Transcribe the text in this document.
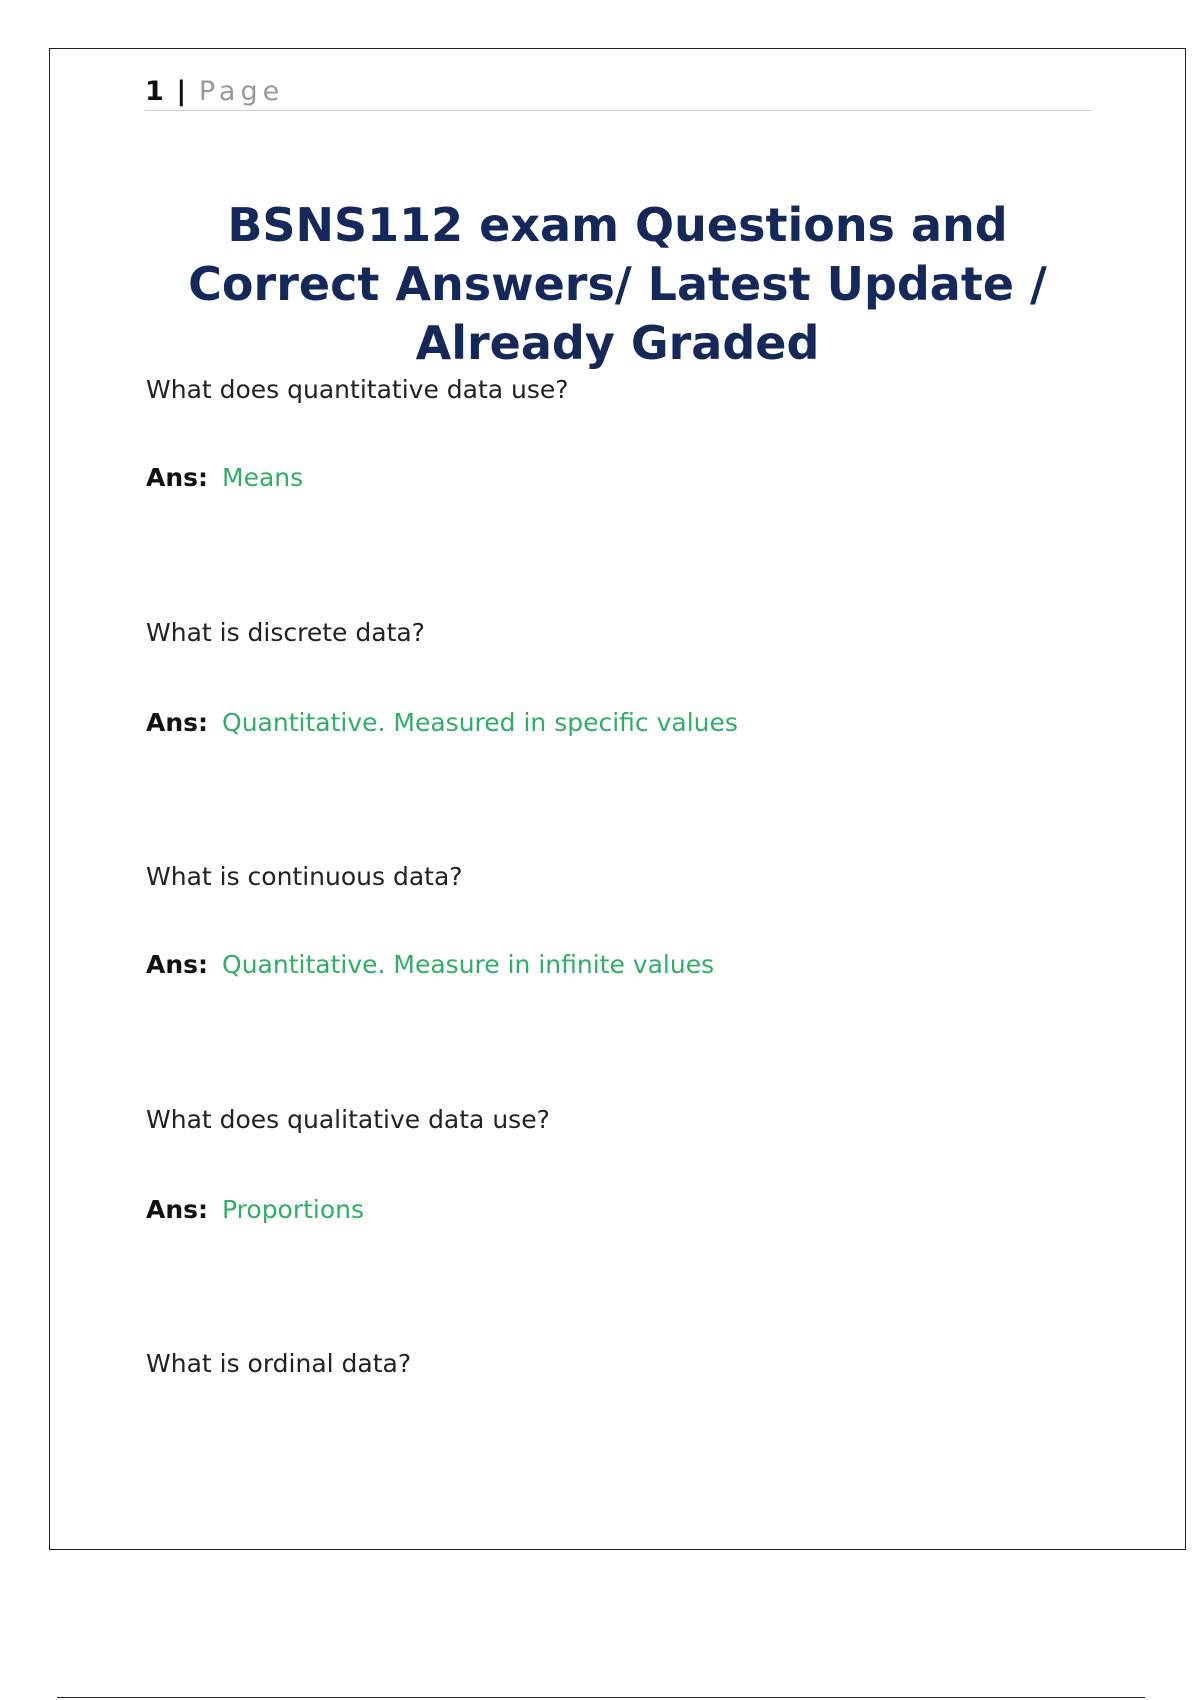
1 | Page
BSNS112 exam Questions and Correct Answers/ Latest Update / Already Graded

What does quantitative data use?

Ans: Means

What is discrete data?

Ans: Quantitative. Measured in specific values

What is continuous data?

Ans: Quantitative. Measure in infinite values

What does qualitative data use?

Ans: Proportions

What is ordinal data?
